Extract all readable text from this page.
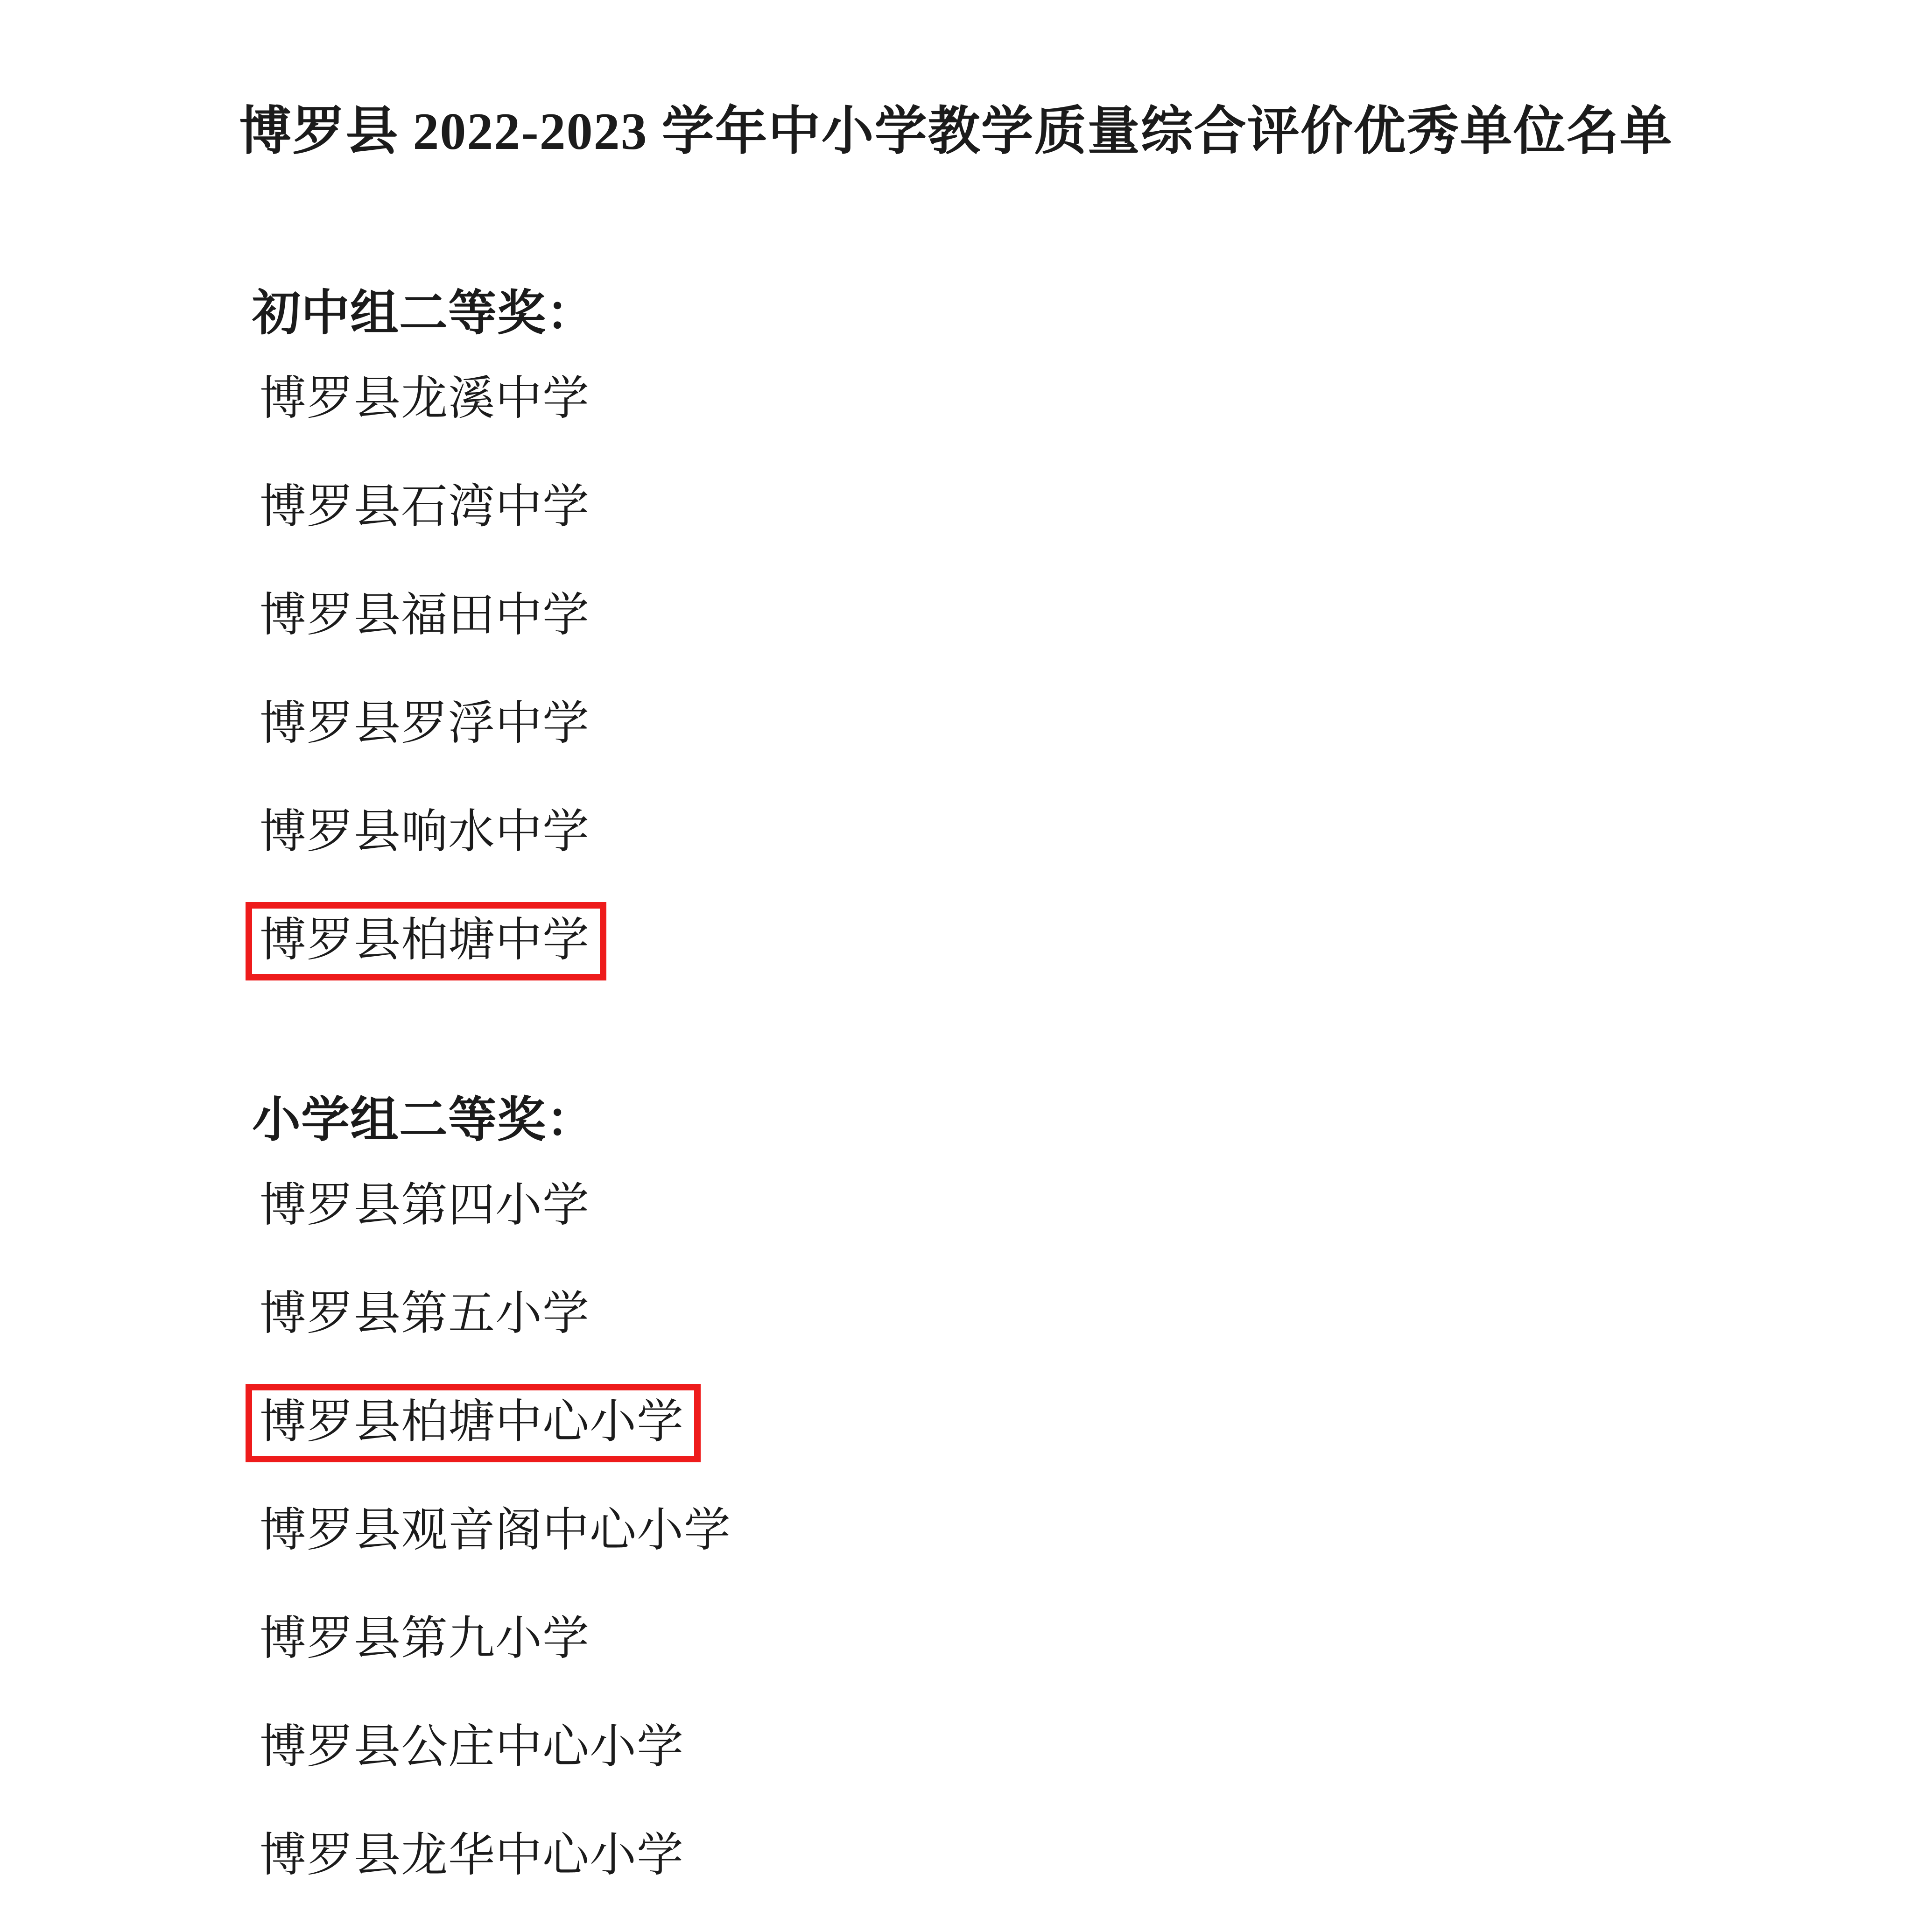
博罗县 2022-2023 学年中小学教学质量综合评价优秀单位名单
初中组二等奖：
博罗县龙溪中学
博罗县石湾中学
博罗县福田中学
博罗县罗浮中学
博罗县响水中学
博罗县柏塘中学
小学组二等奖：
博罗县第四小学
博罗县第五小学
博罗县柏塘中心小学
博罗县观音阁中心小学
博罗县第九小学
博罗县公庄中心小学
博罗县龙华中心小学
